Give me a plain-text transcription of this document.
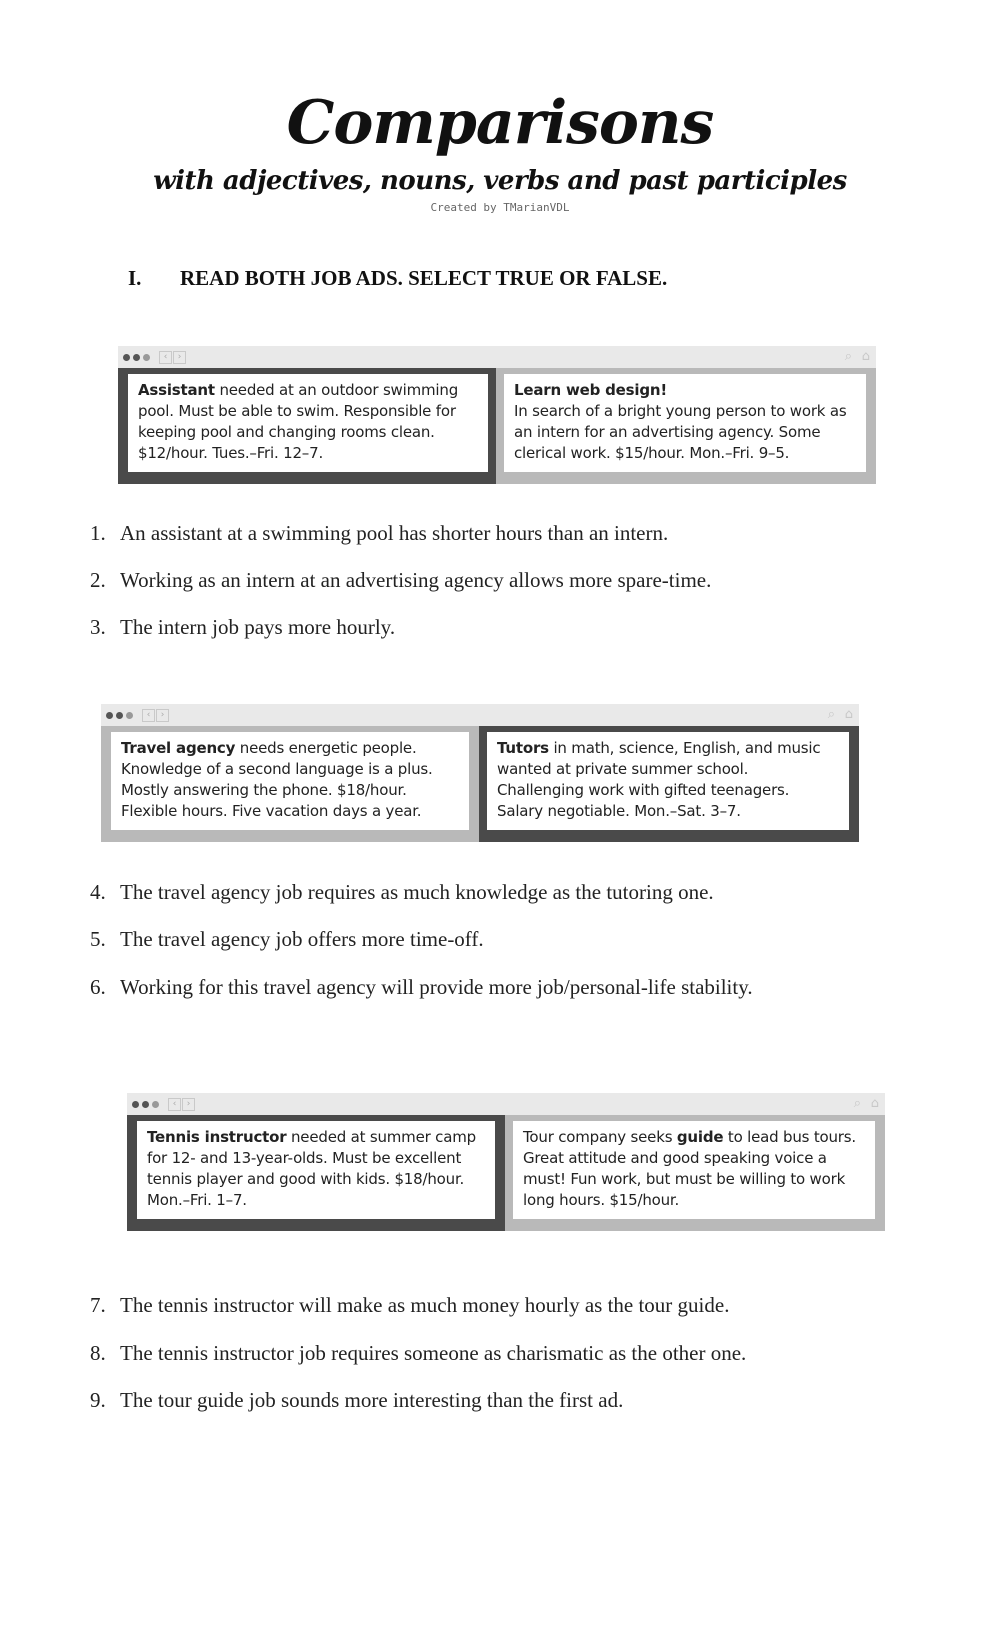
Comparisons
with adjectives, nouns, verbs and past participles
Created by TMarianVDL
I. READ BOTH JOB ADS. SELECT TRUE OR FALSE.
‹	›	⌕ ⌂
Assistant needed at an outdoor swimming pool. Must be able to swim. Responsible for keeping pool and changing rooms clean. $12/hour. Tues.–Fri. 12–7.
Learn web design!
In search of a bright young person to work as an intern for an advertising agency. Some clerical work. $15/hour. Mon.–Fri. 9–5.
1. An assistant at a swimming pool has shorter hours than an intern.
2. Working as an intern at an advertising agency allows more spare-time.
3. The intern job pays more hourly.
‹	›	⌕ ⌂
Travel agency needs energetic people. Knowledge of a second language is a plus. Mostly answering the phone. $18/hour. Flexible hours. Five vacation days a year.
Tutors in math, science, English, and music wanted at private summer school. Challenging work with gifted teenagers. Salary negotiable. Mon.–Sat. 3–7.
4. The travel agency job requires as much knowledge as the tutoring one.
5. The travel agency job offers more time-off.
6. Working for this travel agency will provide more job/personal-life stability.
‹	›	⌕ ⌂
Tennis instructor needed at summer camp for 12- and 13-year-olds. Must be excellent tennis player and good with kids. $18/hour. Mon.–Fri. 1–7.
Tour company seeks guide to lead bus tours. Great attitude and good speaking voice a must! Fun work, but must be willing to work long hours. $15/hour.
7. The tennis instructor will make as much money hourly as the tour guide.
8. The tennis instructor job requires someone as charismatic as the other one.
9. The tour guide job sounds more interesting than the first ad.
